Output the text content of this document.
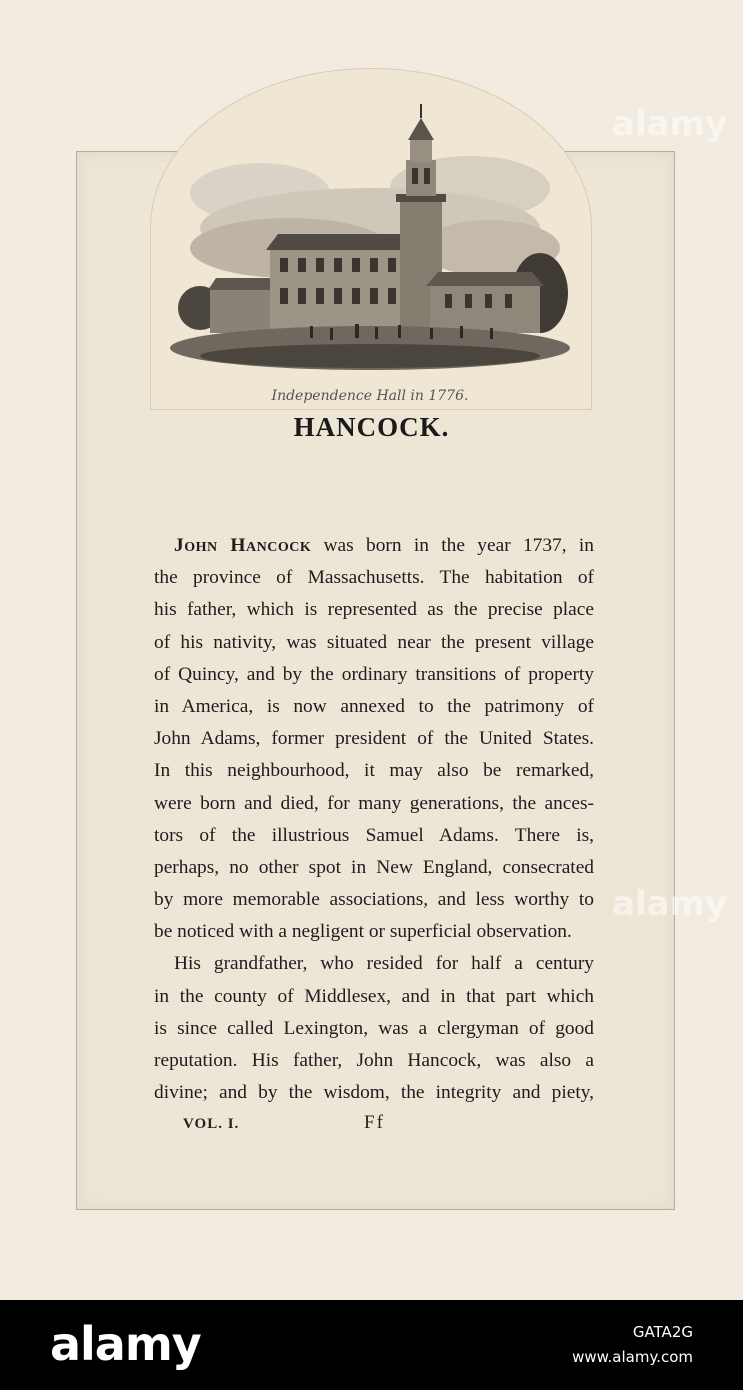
Independence Hall in 1776.
HANCOCK.
John Hancock was born in the year 1737, in
the province of Massachusetts. The habitation of
his father, which is represented as the precise place
of his nativity, was situated near the present village
of Quincy, and by the ordinary transitions of property
in America, is now annexed to the patrimony of
John Adams, former president of the United States.
In this neighbourhood, it may also be remarked,
were born and died, for many generations, the ances-
tors of the illustrious Samuel Adams. There is,
perhaps, no other spot in New England, consecrated
by more memorable associations, and less worthy to
be noticed with a negligent or superficial observation.
His grandfather, who resided for half a century
in the county of Middlesex, and in that part which
is since called Lexington, was a clergyman of good
reputation. His father, John Hancock, was also a
divine; and by the wisdom, the integrity and piety,
VOL. I.	Ff
alamy
alamy
alamy	GATA2G
www.alamy.com
